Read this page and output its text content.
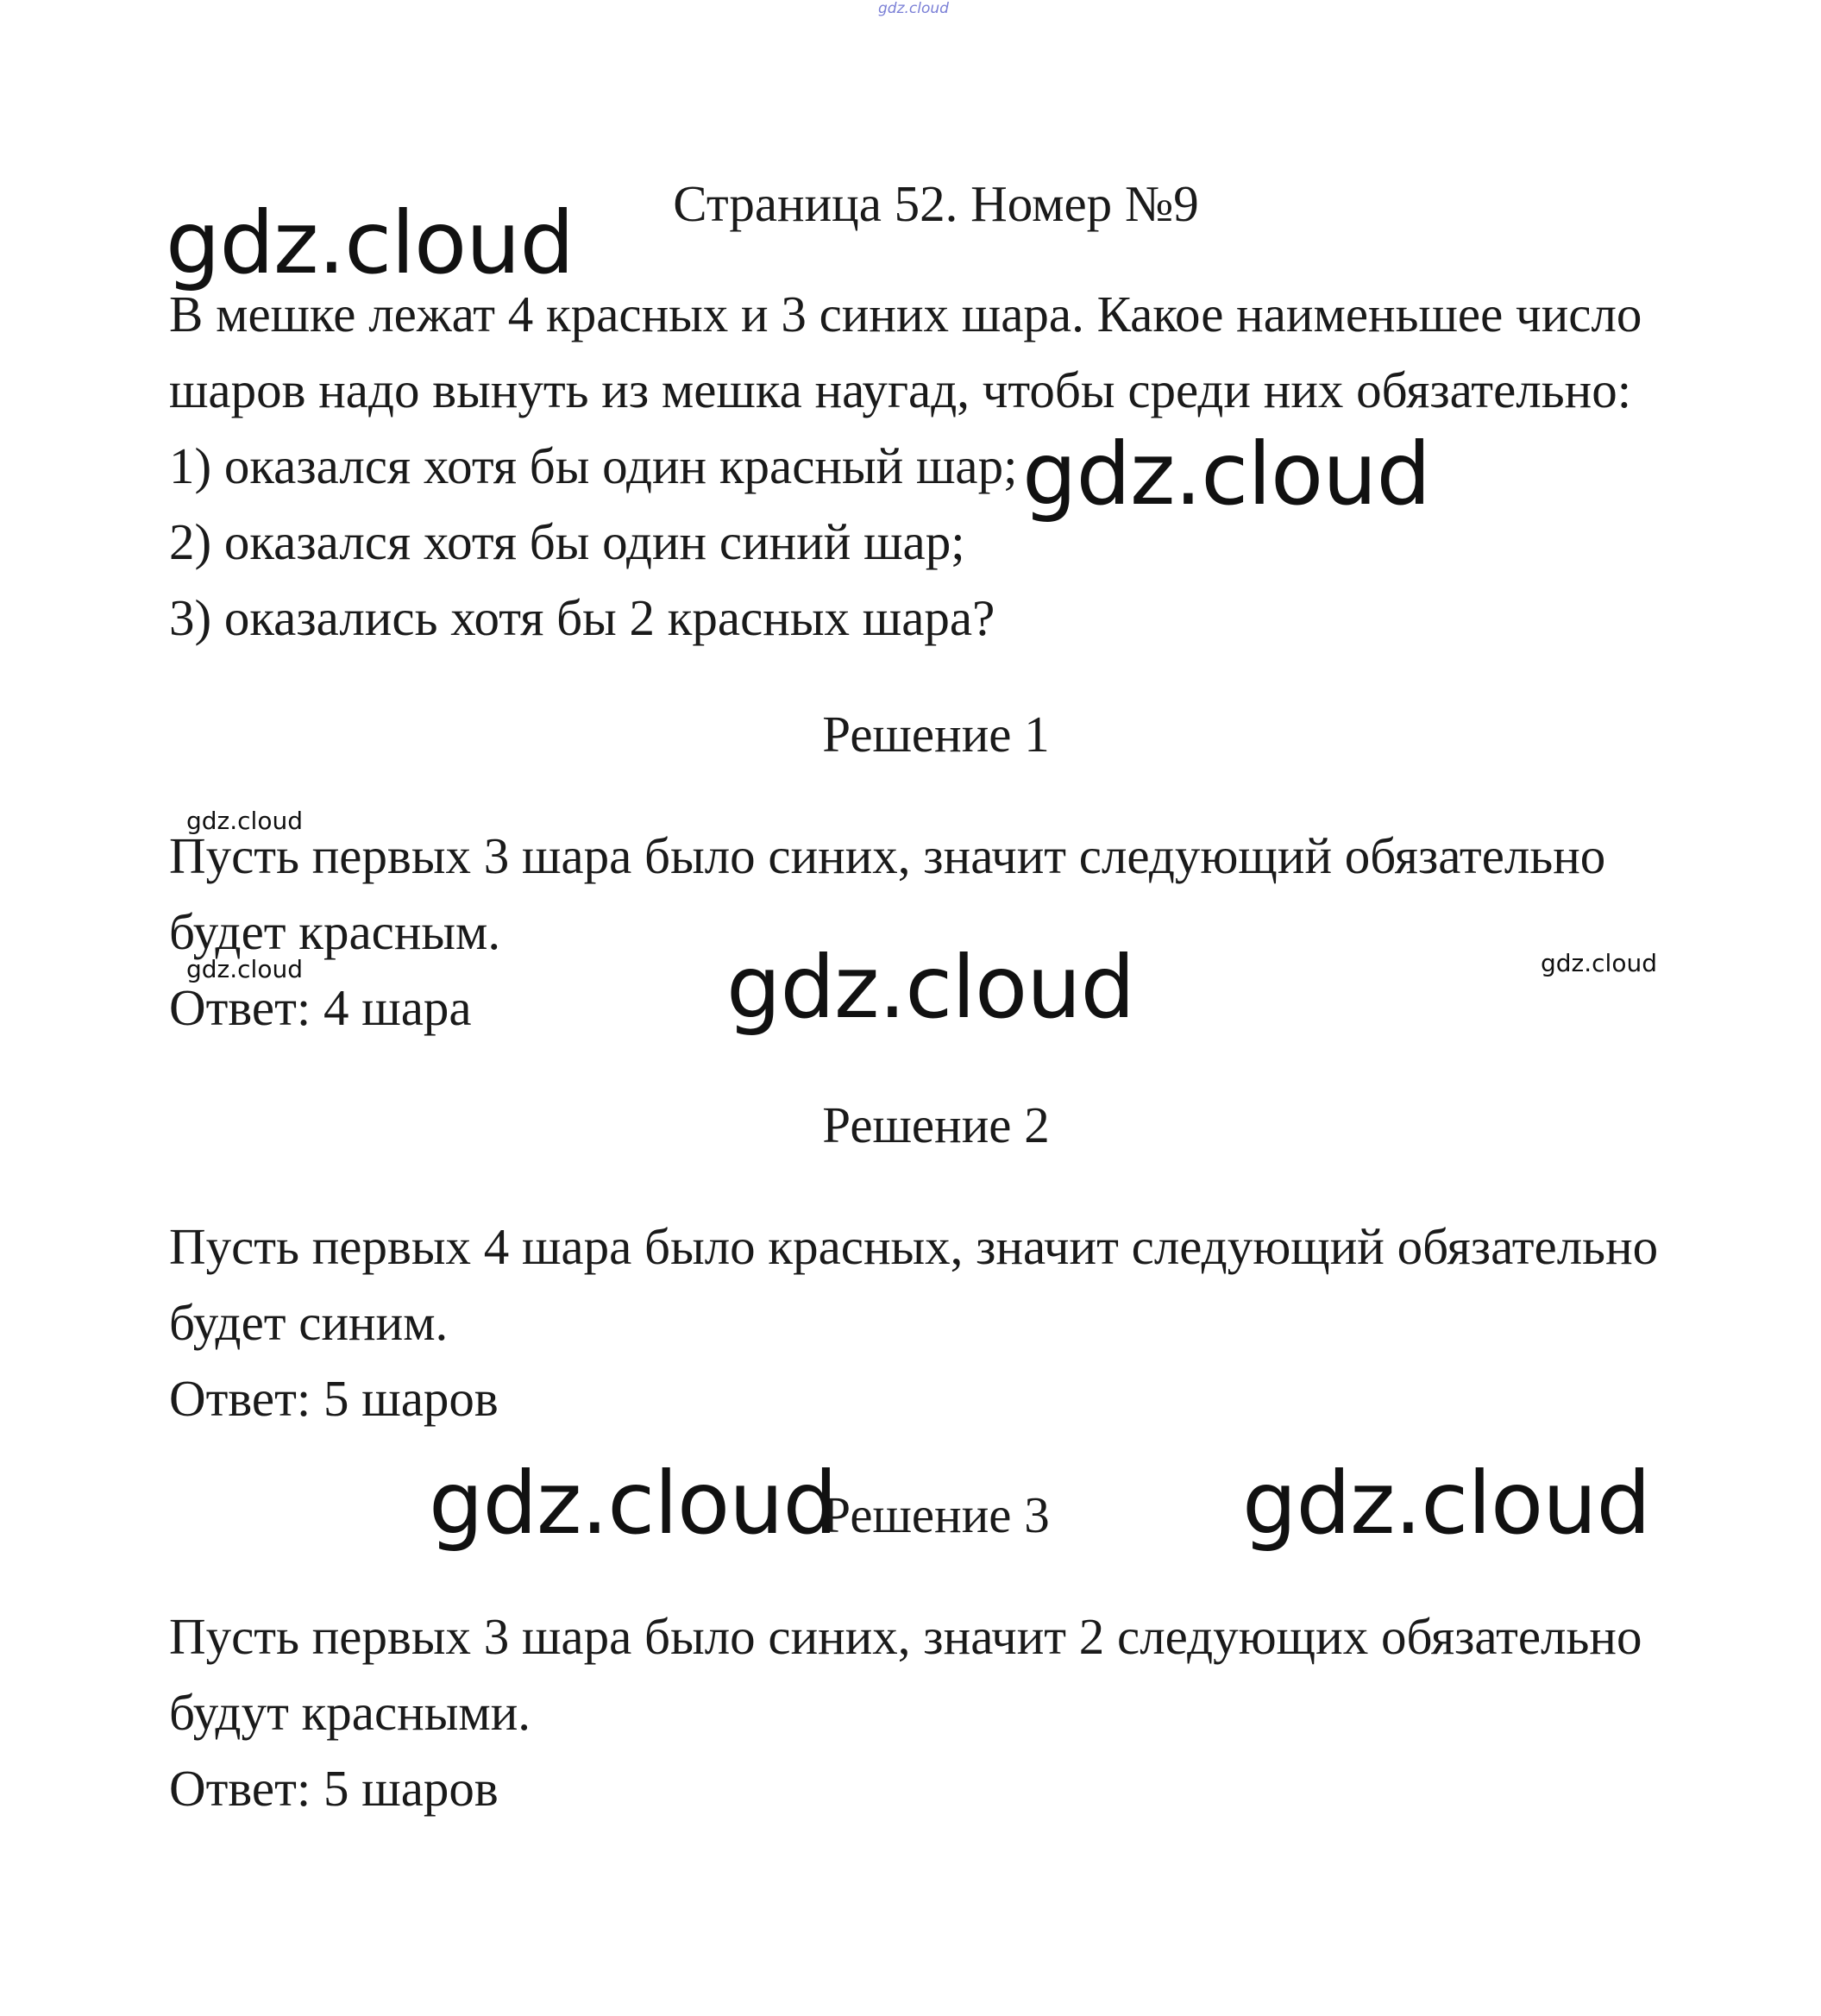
gdz.cloud
Страница 52. Номер №9
В мешке лежат 4 красных и 3 синих шара. Какое наименьшее число
шаров надо вынуть из мешка наугад, чтобы среди них обязательно:
1) оказался хотя бы один красный шар;
2) оказался хотя бы один синий шар;
3) оказались хотя бы 2 красных шара?
Решение 1
Пусть первых 3 шара было синих, значит следующий обязательно
будет красным.
Ответ: 4 шара
Решение 2
Пусть первых 4 шара было красных, значит следующий обязательно
будет синим.
Ответ: 5 шаров
Решение 3
Пусть первых 3 шара было синих, значит 2 следующих обязательно
будут красными.
Ответ: 5 шаров
gdz.cloud
gdz.cloud
gdz.cloud
gdz.cloud	gdz.cloud
gdz.cloud
gdz.cloud	gdz.cloud
